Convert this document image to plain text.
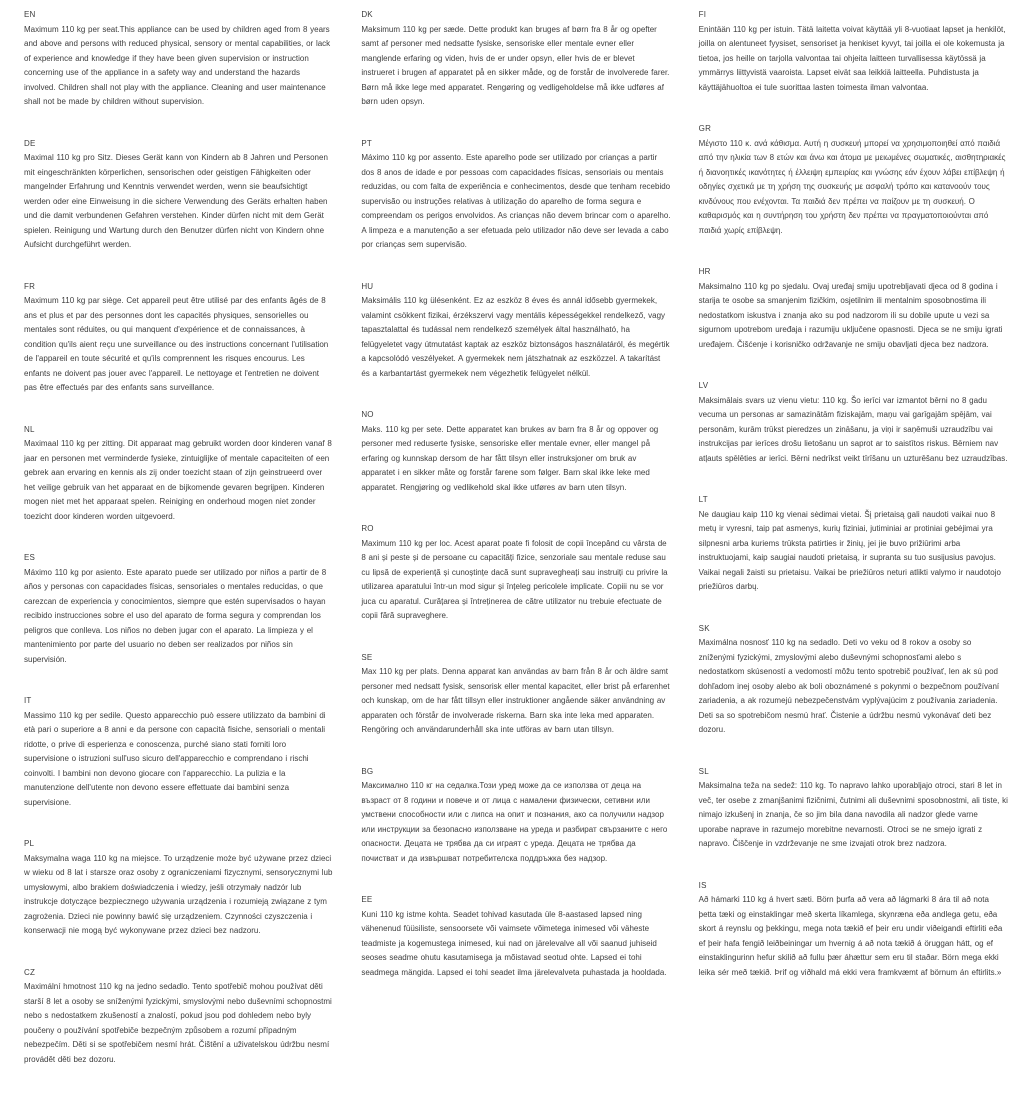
EN
Maximum 110 kg per seat.This appliance can be used by children aged from 8 years and above and persons with reduced physical, sensory or mental capabilities, or lack of experience and knowledge if they have been given supervision or instruction concerning use of the appliance in a safety way and understand the hazards involved. Children shall not play with the appliance. Cleaning and user maintenance shall not be made by children without supervision.
DE
Maximal 110 kg pro Sitz. Dieses Gerät kann von Kindern ab 8 Jahren und Personen mit eingeschränkten körperlichen, sensorischen oder geistigen Fähigkeiten oder mangelnder Erfahrung und Kenntnis verwendet werden, wenn sie beaufsichtigt werden oder eine Einweisung in die sichere Verwendung des Geräts erhalten haben und die damit verbundenen Gefahren verstehen. Kinder dürfen nicht mit dem Gerät spielen. Reinigung und Wartung durch den Benutzer dürfen nicht von Kindern ohne Aufsicht durchgeführt werden.
FR
Maximum 110 kg par siège. Cet appareil peut être utilisé par des enfants âgés de 8 ans et plus et par des personnes dont les capacités physiques, sensorielles ou mentales sont réduites, ou qui manquent d'expérience et de connaissances, à condition qu'ils aient reçu une surveillance ou des instructions concernant l'utilisation de l'appareil en toute sécurité et qu'ils comprennent les risques encourus. Les enfants ne doivent pas jouer avec l'appareil. Le nettoyage et l'entretien ne doivent pas être effectués par des enfants sans surveillance.
NL
Maximaal 110 kg per zitting. Dit apparaat mag gebruikt worden door kinderen vanaf 8 jaar en personen met verminderde fysieke, zintuiglijke of mentale capaciteiten of een gebrek aan ervaring en kennis als zij onder toezicht staan of zijn geinstrueerd over het veilige gebruik van het apparaat en de bijkomende gevaren begrijpen. Kinderen mogen niet met het apparaat spelen. Reiniging en onderhoud mogen niet zonder toezicht door kinderen worden uitgevoerd.
ES
Máximo 110 kg por asiento. Este aparato puede ser utilizado por niños a partir de 8 años y personas con capacidades físicas, sensoriales o mentales reducidas, o que carezcan de experiencia y conocimientos, siempre que estén supervisados o hayan recibido instrucciones sobre el uso del aparato de forma segura y comprendan los peligros que conlleva. Los niños no deben jugar con el aparato. La limpieza y el mantenimiento por parte del usuario no deben ser realizados por niños sin supervisión.
IT
Massimo 110 kg per sedile. Questo apparecchio può essere utilizzato da bambini di età pari o superiore a 8 anni e da persone con capacità fisiche, sensoriali o mentali ridotte, o prive di esperienza e conoscenza, purché siano stati forniti loro supervisione o istruzioni sull'uso sicuro dell'apparecchio e comprendano i rischi coinvolti. I bambini non devono giocare con l'apparecchio. La pulizia e la manutenzione dell'utente non devono essere effettuate dai bambini senza supervisione.
PL
Maksymalna waga 110 kg na miejsce. To urządzenie może być używane przez dzieci w wieku od 8 lat i starsze oraz osoby z ograniczeniami fizycznymi, sensorycznymi lub umysłowymi, albo brakiem doświadczenia i wiedzy, jeśli otrzymały nadzór lub instrukcje dotyczące bezpiecznego używania urządzenia i rozumieją związane z tym zagrożenia. Dzieci nie powinny bawić się urządzeniem. Czynności czyszczenia i konserwacji nie mogą być wykonywane przez dzieci bez nadzoru.
CZ
Maximální hmotnost 110 kg na jedno sedadlo. Tento spotřebič mohou používat děti starší 8 let a osoby se sníženými fyzickými, smyslovými nebo duševními schopnostmi nebo s nedostatkem zkušeností a znalostí, pokud jsou pod dohledem nebo byly poučeny o používání spotřebiče bezpečným způsobem a rozumí případným nebezpečím. Děti si se spotřebičem nesmí hrát. Čištění a uživatelskou údržbu nesmí provádět děti bez dozoru.
DK
Maksimum 110 kg per sæde. Dette produkt kan bruges af børn fra 8 år og opefter samt af personer med nedsatte fysiske, sensoriske eller mentale evner eller manglende erfaring og viden, hvis de er under opsyn, eller hvis de er blevet instrueret i brugen af apparatet på en sikker måde, og de forstår de involverede farer. Børn må ikke lege med apparatet. Rengøring og vedligeholdelse må ikke udføres af børn uden opsyn.
PT
Máximo 110 kg por assento. Este aparelho pode ser utilizado por crianças a partir dos 8 anos de idade e por pessoas com capacidades físicas, sensoriais ou mentais reduzidas, ou com falta de experiência e conhecimentos, desde que tenham recebido supervisão ou instruções relativas à utilização do aparelho de forma segura e compreendam os perigos envolvidos. As crianças não devem brincar com o aparelho. A limpeza e a manutenção a ser efetuada pelo utilizador não deve ser levada a cabo por crianças sem supervisão.
HU
Maksimális 110 kg ülésenként. Ez az eszköz 8 éves és annál idősebb gyermekek, valamint csökkent fizikai, érzékszervi vagy mentális képességekkel rendelkező, vagy tapasztalattal és tudással nem rendelkező személyek által használható, ha felügyeletet vagy útmutatást kaptak az eszköz biztonságos használatáról, és megértik a kapcsolódó veszélyeket. A gyermekek nem játszhatnak az eszközzel. A takarítást és a karbantartást gyermekek nem végezhetik felügyelet nélkül.
NO
Maks. 110 kg per sete. Dette apparatet kan brukes av barn fra 8 år og oppover og personer med reduserte fysiske, sensoriske eller mentale evner, eller mangel på erfaring og kunnskap dersom de har fått tilsyn eller instruksjoner om bruk av apparatet i en sikker måte og forstår farene som følger. Barn skal ikke leke med apparatet. Rengjøring og vedlikehold skal ikke utføres av barn uten tilsyn.
RO
Maximum 110 kg per loc. Acest aparat poate fi folosit de copii începând cu vârsta de 8 ani și peste și de persoane cu capacități fizice, senzoriale sau mentale reduse sau cu lipsă de experiență și cunoștințe dacă sunt supravegheați sau instruiți cu privire la utilizarea aparatului într-un mod sigur și înțeleg pericolele implicate. Copiii nu se vor juca cu aparatul. Curățarea și întreținerea de către utilizator nu trebuie efectuate de copii fără supraveghere.
SE
Max 110 kg per plats. Denna apparat kan användas av barn från 8 år och äldre samt personer med nedsatt fysisk, sensorisk eller mental kapacitet, eller brist på erfarenhet och kunskap, om de har fått tillsyn eller instruktioner angående säker användning av apparaten och förstår de involverade riskerna. Barn ska inte leka med apparaten. Rengöring och användarunderhåll ska inte utföras av barn utan tillsyn.
BG
Максимално 110 кг на седалка.Този уред може да се използва от деца на възраст от 8 години и повече и от лица с намалени физически, сетивни или умствени способности или с липса на опит и познания, ако са получили надзор или инструкции за безопасно използване на уреда и разбират свързаните с него опасности. Децата не трябва да си играят с уреда. Децата не трябва да почистват и да извършват потребителска поддръжка без надзор.
EE
Kuni 110 kg istme kohta. Seadet tohivad kasutada üle 8-aastased lapsed ning vähenenud füüsiliste, sensoorsete või vaimsete võimetega inimesed või väheste teadmiste ja kogemustega inimesed, kui nad on järelevalve all või saanud juhiseid seoses seadme ohutu kasutamisega ja mõistavad seotud ohte. Lapsed ei tohi seadmega mängida. Lapsed ei tohi seadet ilma järelevalveta puhastada ja hooldada.
FI
Enintään 110 kg per istuin. Tätä laitetta voivat käyttää yli 8-vuotiaat lapset ja henkilöt, joilla on alentuneet fyysiset, sensoriset ja henkiset kyvyt, tai joilla ei ole kokemusta ja tietoa, jos heille on tarjolla valvontaa tai ohjeita laitteen turvallisessa käytössä ja ymmärrys liittyvistä vaaroista. Lapset eivät saa leikkiä laitteella. Puhdistusta ja käyttäjähuoltoa ei tule suorittaa lasten toimesta ilman valvontaa.
GR
Μέγιστο 110 κ. ανά κάθισμα. Αυτή η συσκευή μπορεί να χρησιμοποιηθεί από παιδιά από την ηλικία των 8 ετών και άνω και άτομα με μειωμένες σωματικές, αισθητηριακές ή διανοητικές ικανότητες ή έλλειψη εμπειρίας και γνώσης εάν έχουν λάβει επίβλεψη ή οδηγίες σχετικά με τη χρήση της συσκευής με ασφαλή τρόπο και κατανοούν τους κινδύνους που ενέχονται. Τα παιδιά δεν πρέπει να παίζουν με τη συσκευή. Ο καθαρισμός και η συντήρηση του χρήστη δεν πρέπει να πραγματοποιούνται από παιδιά χωρίς επίβλεψη.
HR
Maksimalno 110 kg po sjedalu. Ovaj uređaj smiju upotrebljavati djeca od 8 godina i starija te osobe sa smanjenim fizičkim, osjetilnim ili mentalnim sposobnostima ili nedostatkom iskustva i znanja ako su pod nadzorom ili su dobile upute u vezi sa sigurnom upotrebom uređaja i razumiju uključene opasnosti. Djeca se ne smiju igrati uređajem. Čišćenje i korisničko održavanje ne smiju obavljati djeca bez nadzora.
LV
Maksimālais svars uz vienu vietu: 110 kg. Šo ierīci var izmantot bērni no 8 gadu vecuma un personas ar samazinātām fiziskajām, maņu vai garīgajām spējām, vai personām, kurām trūkst pieredzes un zināšanu, ja viņi ir saņēmuši uzraudzību vai instrukcijas par ierīces drošu lietošanu un saprot ar to saistītos riskus. Bērniem nav atļauts spēlēties ar ierīci. Bērni nedrīkst veikt tīrīšanu un uzturēšanu bez uzraudzības.
LT
Ne daugiau kaip 110 kg vienai sėdimai vietai. Šį prietaisą gali naudoti vaikai nuo 8 metų ir vyresni, taip pat asmenys, kurių fiziniai, jutiminiai ar protiniai gebėjimai yra silpnesni arba kuriems trūksta patirties ir žinių, jei jie buvo prižiūrimi arba instruktuojami, kaip saugiai naudoti prietaisą, ir supranta su tuo susijusius pavojus. Vaikai negali žaisti su prietaisu. Vaikai be priežiūros neturi atlikti valymo ir naudotojo priežiūros darbų.
SK
Maximálna nosnosť 110 kg na sedadlo. Deti vo veku od 8 rokov a osoby so zníženými fyzickými, zmyslovými alebo duševnými schopnosťami alebo s nedostatkom skúseností a vedomostí môžu tento spotrebič používať, len ak sú pod dohľadom inej osoby alebo ak boli oboznámené s pokynmi o bezpečnom používaní zariadenia, a ak rozumejú nebezpečenstvám vyplývajúcim z používania zariadenia. Deti sa so spotrebičom nesmú hrať. Čistenie a údržbu nesmú vykonávať deti bez dozoru.
SL
Maksimalna teža na sedež: 110 kg. To napravo lahko uporabljajo otroci, stari 8 let in več, ter osebe z zmanjšanimi fizičnimi, čutnimi ali duševnimi sposobnostmi, ali tiste, ki nimajo izkušenj in znanja, če so jim bila dana navodila ali nadzor glede varne uporabe naprave in razumejo morebitne nevarnosti. Otroci se ne smejo igrati z napravo. Čiščenje in vzdrževanje ne sme izvajati otrok brez nadzora.
IS
Að hámarki 110 kg á hvert sæti. Börn þurfa að vera að lágmarki 8 ára til að nota þetta tæki og einstaklingar með skerta líkamlega, skynræna eða andlega getu, eða skort á reynslu og þekkingu, mega nota tækið ef þeir eru undir viðeigandi eftirliti eða ef þeir hafa fengið leiðbeiningar um hvernig á að nota tækið á öruggan hátt, og ef einstaklingurinn hefur skilið að fullu þær áhættur sem eru til staðar. Börn mega ekki leika sér með tækið. Þrif og viðhald má ekki vera framkvæmt af börnum án eftirlits.»
